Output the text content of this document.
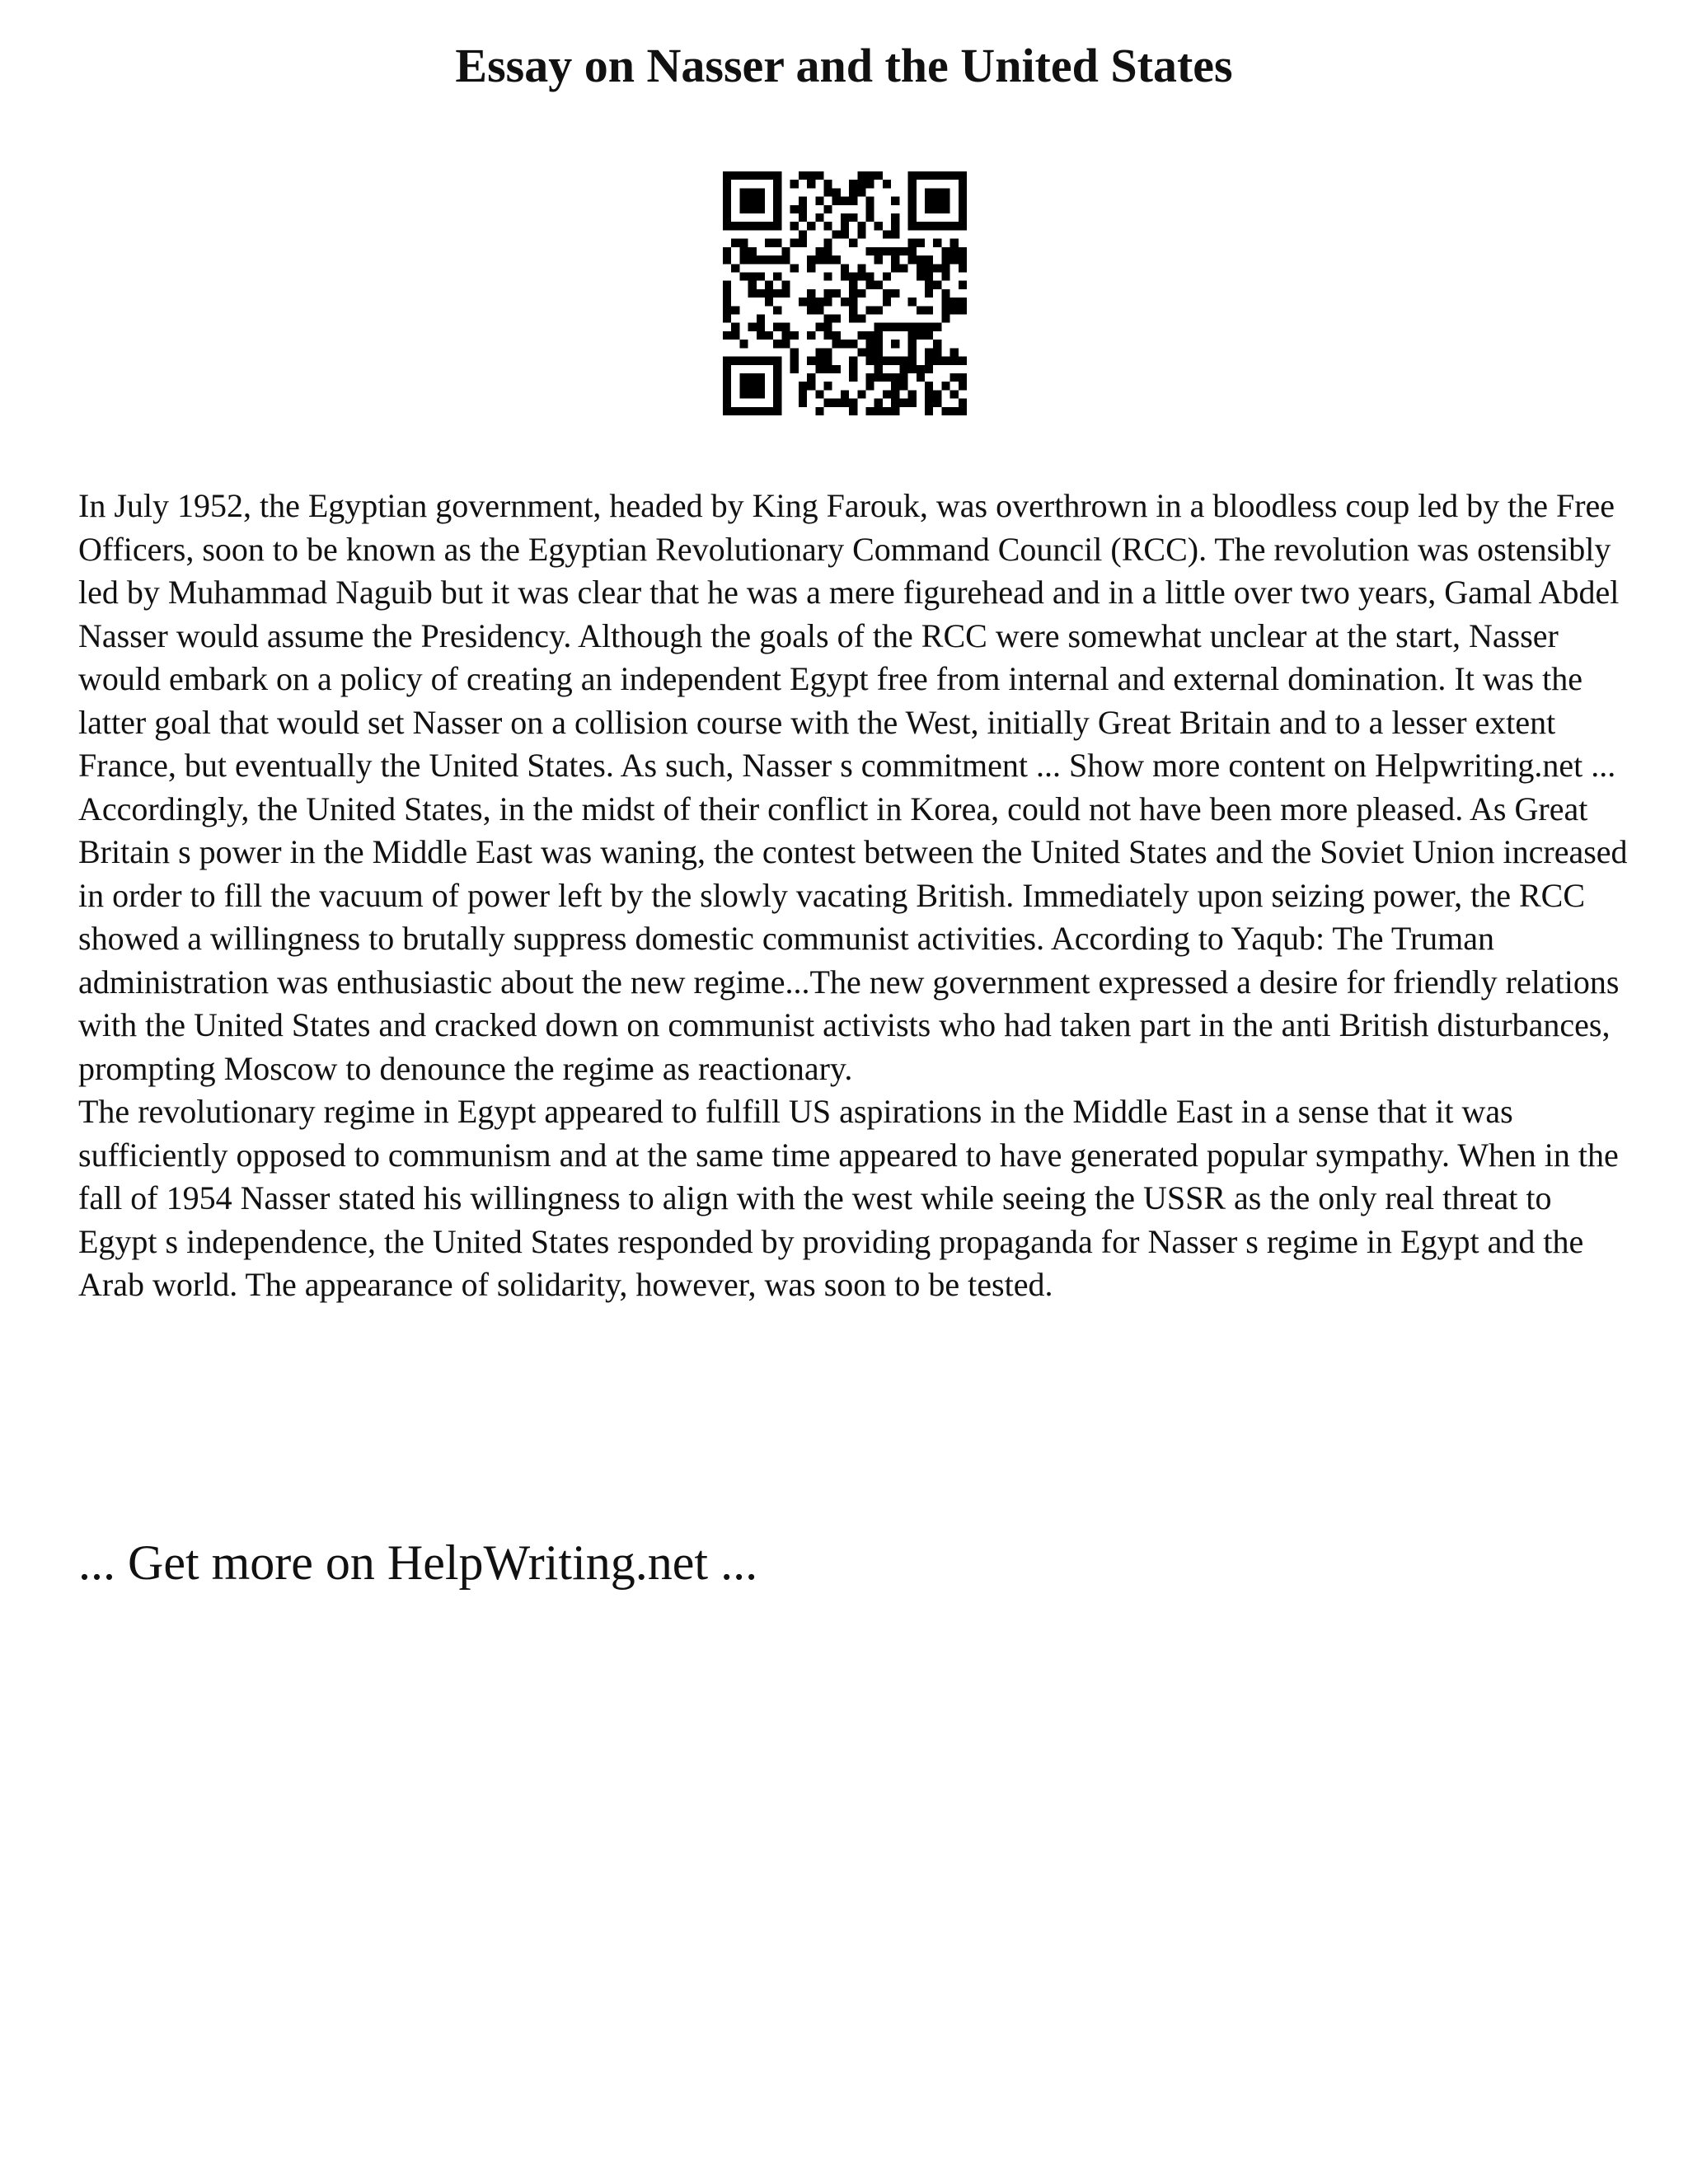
Essay on Nasser and the United States

In July 1952, the Egyptian government, headed by King Farouk, was overthrown in a bloodless coup led by the Free Officers, soon to be known as the Egyptian Revolutionary Command Council (RCC). The revolution was ostensibly led by Muhammad Naguib but it was clear that he was a mere figurehead and in a little over two years, Gamal Abdel Nasser would assume the Presidency. Although the goals of the RCC were somewhat unclear at the start, Nasser would embark on a policy of creating an independent Egypt free from internal and external domination. It was the latter goal that would set Nasser on a collision course with the West, initially Great Britain and to a lesser extent France, but eventually the United States. As such, Nasser s commitment ... Show more content on Helpwriting.net ...

Accordingly, the United States, in the midst of their conflict in Korea, could not have been more pleased. As Great Britain s power in the Middle East was waning, the contest between the United States and the Soviet Union increased in order to fill the vacuum of power left by the slowly vacating British. Immediately upon seizing power, the RCC showed a willingness to brutally suppress domestic communist activities. According to Yaqub: The Truman administration was enthusiastic about the new regime...The new government expressed a desire for friendly relations with the United States and cracked down on communist activists who had taken part in the anti British disturbances, prompting Moscow to denounce the regime as reactionary.

The revolutionary regime in Egypt appeared to fulfill US aspirations in the Middle East in a sense that it was sufficiently opposed to communism and at the same time appeared to have generated popular sympathy. When in the fall of 1954 Nasser stated his willingness to align with the west while seeing the USSR as the only real threat to Egypt s independence, the United States responded by providing propaganda for Nasser s regime in Egypt and the Arab world. The appearance of solidarity, however, was soon to be tested.

... Get more on HelpWriting.net ...
